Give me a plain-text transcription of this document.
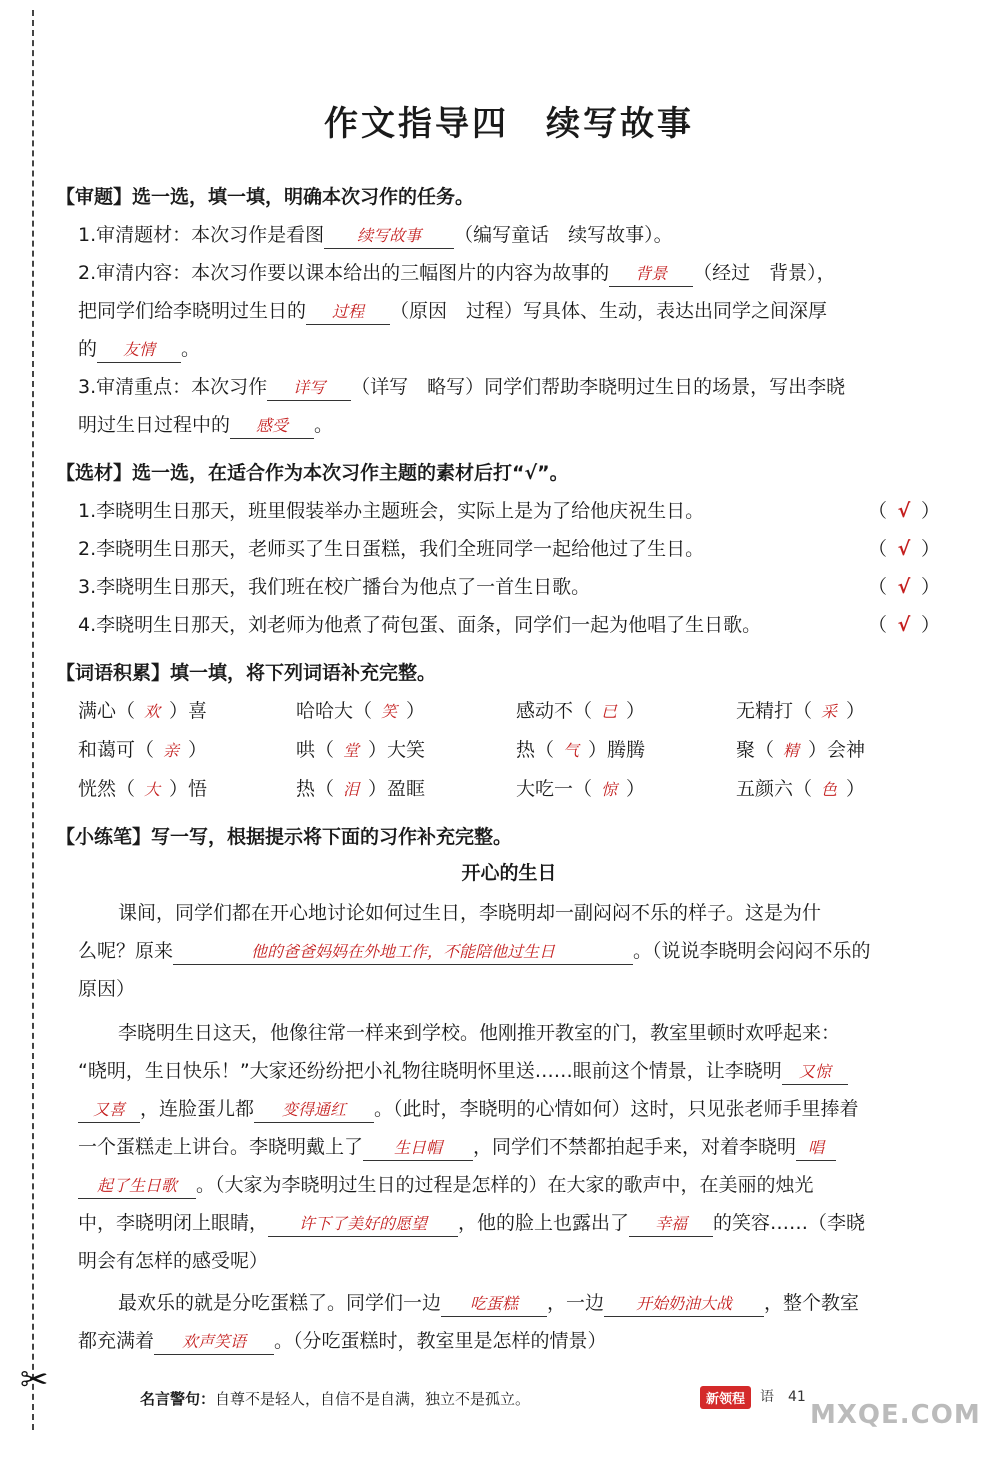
✂
作文指导四　续写故事
【审题】选一选，填一填，明确本次习作的任务。
1.审清题材：本次习作是看图 续写故事 （编写童话　续写故事）。
2.审清内容：本次习作要以课本给出的三幅图片的内容为故事的 背景 （经过　背景），
把同学们给李晓明过生日的 过程 （原因　过程）写具体、生动，表达出同学之间深厚
的 友情 。
3.审清重点：本次习作 详写 （详写　略写）同学们帮助李晓明过生日的场景，写出李晓
明过生日过程中的 感受 。
【选材】选一选，在适合作为本次习作主题的素材后打“√”。
1.李晓明生日那天，班里假装举办主题班会，实际上是为了给他庆祝生日。	（ √ ）
2.李晓明生日那天，老师买了生日蛋糕，我们全班同学一起给他过了生日。	（ √ ）
3.李晓明生日那天，我们班在校广播台为他点了一首生日歌。	（ √ ）
4.李晓明生日那天，刘老师为他煮了荷包蛋、面条，同学们一起为他唱了生日歌。	（ √ ）
【词语积累】填一填，将下列词语补充完整。
满心（ 欢 ）喜	哈哈大（ 笑 ）	感动不（ 已 ）	无精打（ 采 ）
和蔼可（ 亲 ）	哄（ 堂 ）大笑	热（ 气 ）腾腾	聚（ 精 ）会神
恍然（ 大 ）悟	热（ 泪 ）盈眶	大吃一（ 惊 ）	五颜六（ 色 ）
【小练笔】写一写，根据提示将下面的习作补充完整。
开心的生日
课间，同学们都在开心地讨论如何过生日，李晓明却一副闷闷不乐的样子。这是为什
么呢？原来	他的爸爸妈妈在外地工作，不能陪他过生日	。（说说李晓明会闷闷不乐的
原因）
李晓明生日这天，他像往常一样来到学校。他刚推开教室的门，教室里顿时欢呼起来：
“晓明，生日快乐！”大家还纷纷把小礼物往晓明怀里送……眼前这个情景，让李晓明 又惊
又喜 ，连脸蛋儿都 变得通红 。（此时，李晓明的心情如何）这时，只见张老师手里捧着
一个蛋糕走上讲台。李晓明戴上了 生日帽 ，同学们不禁都拍起手来，对着李晓明 唱
起了生日歌 。（大家为李晓明过生日的过程是怎样的）在大家的歌声中，在美丽的烛光
中，李晓明闭上眼睛， 许下了美好的愿望 ，他的脸上也露出了 幸福 的笑容……（李晓
明会有怎样的感受呢）
最欢乐的就是分吃蛋糕了。同学们一边 吃蛋糕 ，一边 开始奶油大战 ，整个教室
都充满着 欢声笑语 。（分吃蛋糕时，教室里是怎样的情景）
名言警句：自尊不是轻人，自信不是自满，独立不是孤立。	新领程	语　41
MXQE.COM
